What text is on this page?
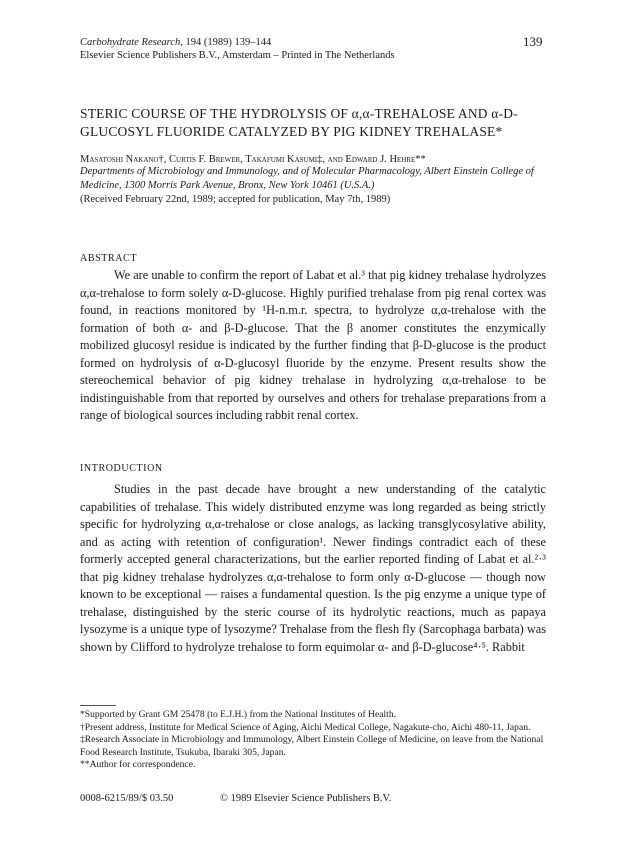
Carbohydrate Research, 194 (1989) 139–144
Elsevier Science Publishers B.V., Amsterdam – Printed in The Netherlands
139
STERIC COURSE OF THE HYDROLYSIS OF α,α-TREHALOSE AND α-D-
GLUCOSYL FLUORIDE CATALYZED BY PIG KIDNEY TREHALASE*
Masatoshi Nakano†, Curtis F. Brewer, Takafumi Kasumi‡, and Edward J. Hehre**
Departments of Microbiology and Immunology, and of Molecular Pharmacology, Albert Einstein College of Medicine, 1300 Morris Park Avenue, Bronx, New York 10461 (U.S.A.)
(Received February 22nd, 1989; accepted for publication, May 7th, 1989)
ABSTRACT

We are unable to confirm the report of Labat et al.³ that pig kidney trehalase hydrolyzes α,α-trehalose to form solely α-D-glucose. Highly purified trehalase from pig renal cortex was found, in reactions monitored by ¹H-n.m.r. spectra, to hydrolyze α,α-trehalose with the formation of both α- and β-D-glucose. That the β anomer constitutes the enzymically mobilized glucosyl residue is indicated by the further finding that β-D-glucose is the product formed on hydrolysis of α-D-glucosyl fluoride by the enzyme. Present results show the stereochemical behavior of pig kidney trehalase in hydrolyzing α,α-trehalose to be indistinguishable from that reported by ourselves and others for trehalase preparations from a range of biological sources including rabbit renal cortex.

INTRODUCTION

Studies in the past decade have brought a new understanding of the catalytic capabilities of trehalase. This widely distributed enzyme was long regarded as being strictly specific for hydrolyzing α,α-trehalose or close analogs, as lacking transglycosylative ability, and as acting with retention of configuration¹. Newer findings contradict each of these formerly accepted general characterizations, but the earlier reported finding of Labat et al.²·³ that pig kidney trehalase hydrolyzes α,α-trehalose to form only α-D-glucose — though now known to be exceptional — raises a fundamental question. Is the pig enzyme a unique type of trehalase, distinguished by the steric course of its hydrolytic reactions, much as papaya lysozyme is a unique type of lysozyme? Trehalase from the flesh fly (Sarcophaga barbata) was shown by Clifford to hydrolyze trehalose to form equimolar α- and β-D-glucose⁴·⁵. Rabbit

*Supported by Grant GM 25478 (to E.J.H.) from the National Institutes of Health.

†Present address, Institute for Medical Science of Aging, Aichi Medical College, Nagakute-cho, Aichi 480-11, Japan.

‡Research Associate in Microbiology and Immunology, Albert Einstein College of Medicine, on leave from the National Food Research Institute, Tsukuba, Ibaraki 305, Japan.

**Author for correspondence.

0008-6215/89/$ 03.50	© 1989 Elsevier Science Publishers B.V.
